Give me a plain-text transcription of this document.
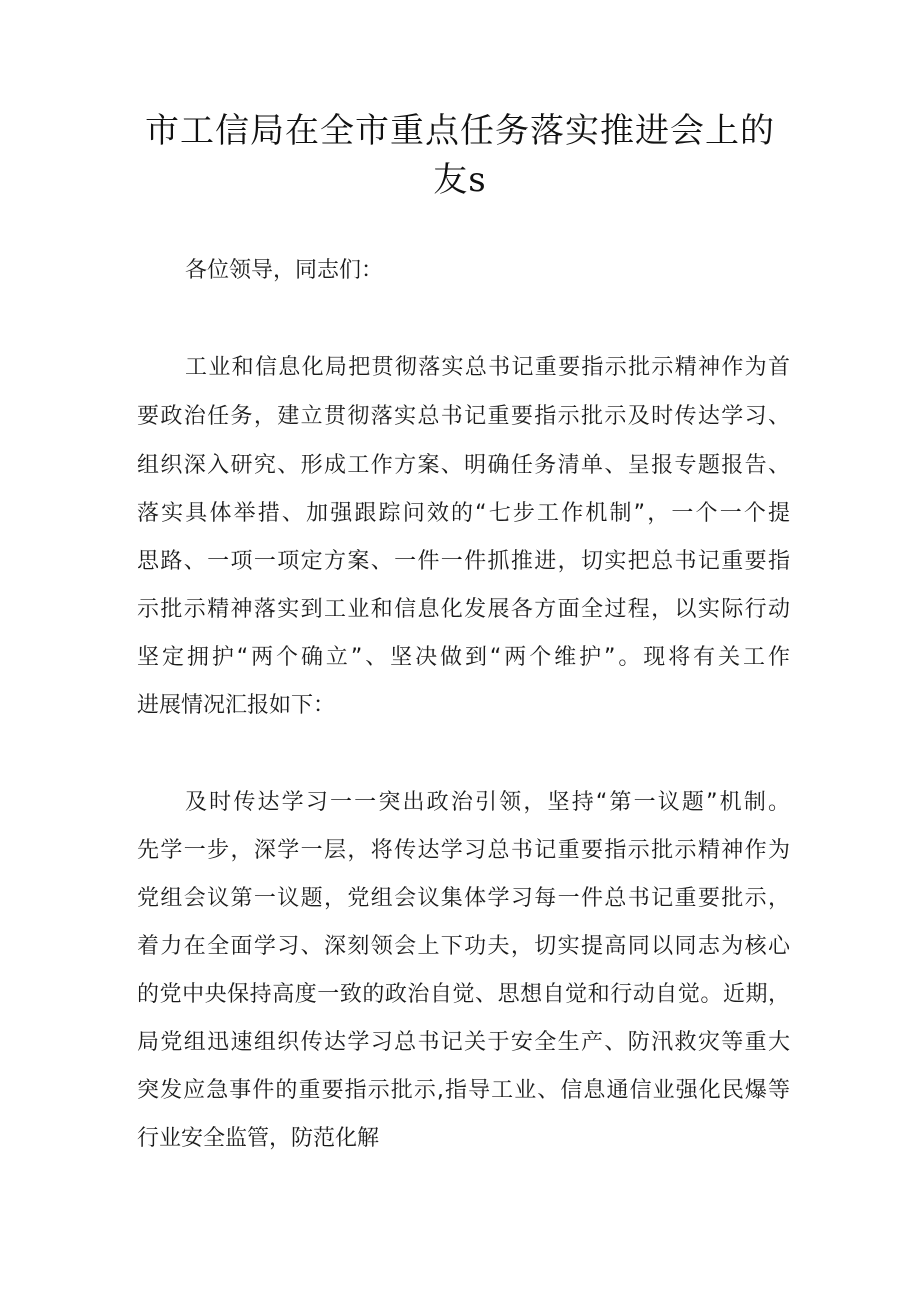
市工信局在全市重点任务落实推进会上的
友s
各位领导，同志们：
工业和信息化局把贯彻落实总书记重要指示批示精神作为首
要政治任务，建立贯彻落实总书记重要指示批示及时传达学习、
组织深入研究、形成工作方案、明确任务清单、呈报专题报告、
落实具体举措、加强跟踪问效的“七步工作机制”，一个一个提
思路、一项一项定方案、一件一件抓推进，切实把总书记重要指
示批示精神落实到工业和信息化发展各方面全过程，以实际行动
坚定拥护“两个确立”、坚决做到“两个维护”。现将有关工作
进展情况汇报如下：
及时传达学习一一突出政治引领，坚持“第一议题”机制。
先学一步，深学一层，将传达学习总书记重要指示批示精神作为
党组会议第一议题，党组会议集体学习每一件总书记重要批示，
着力在全面学习、深刻领会上下功夫，切实提高同以同志为核心
的党中央保持高度一致的政治自觉、思想自觉和行动自觉。近期，
局党组迅速组织传达学习总书记关于安全生产、防汛救灾等重大
突发应急事件的重要指示批示,指导工业、信息通信业强化民爆等
行业安全监管，防范化解
